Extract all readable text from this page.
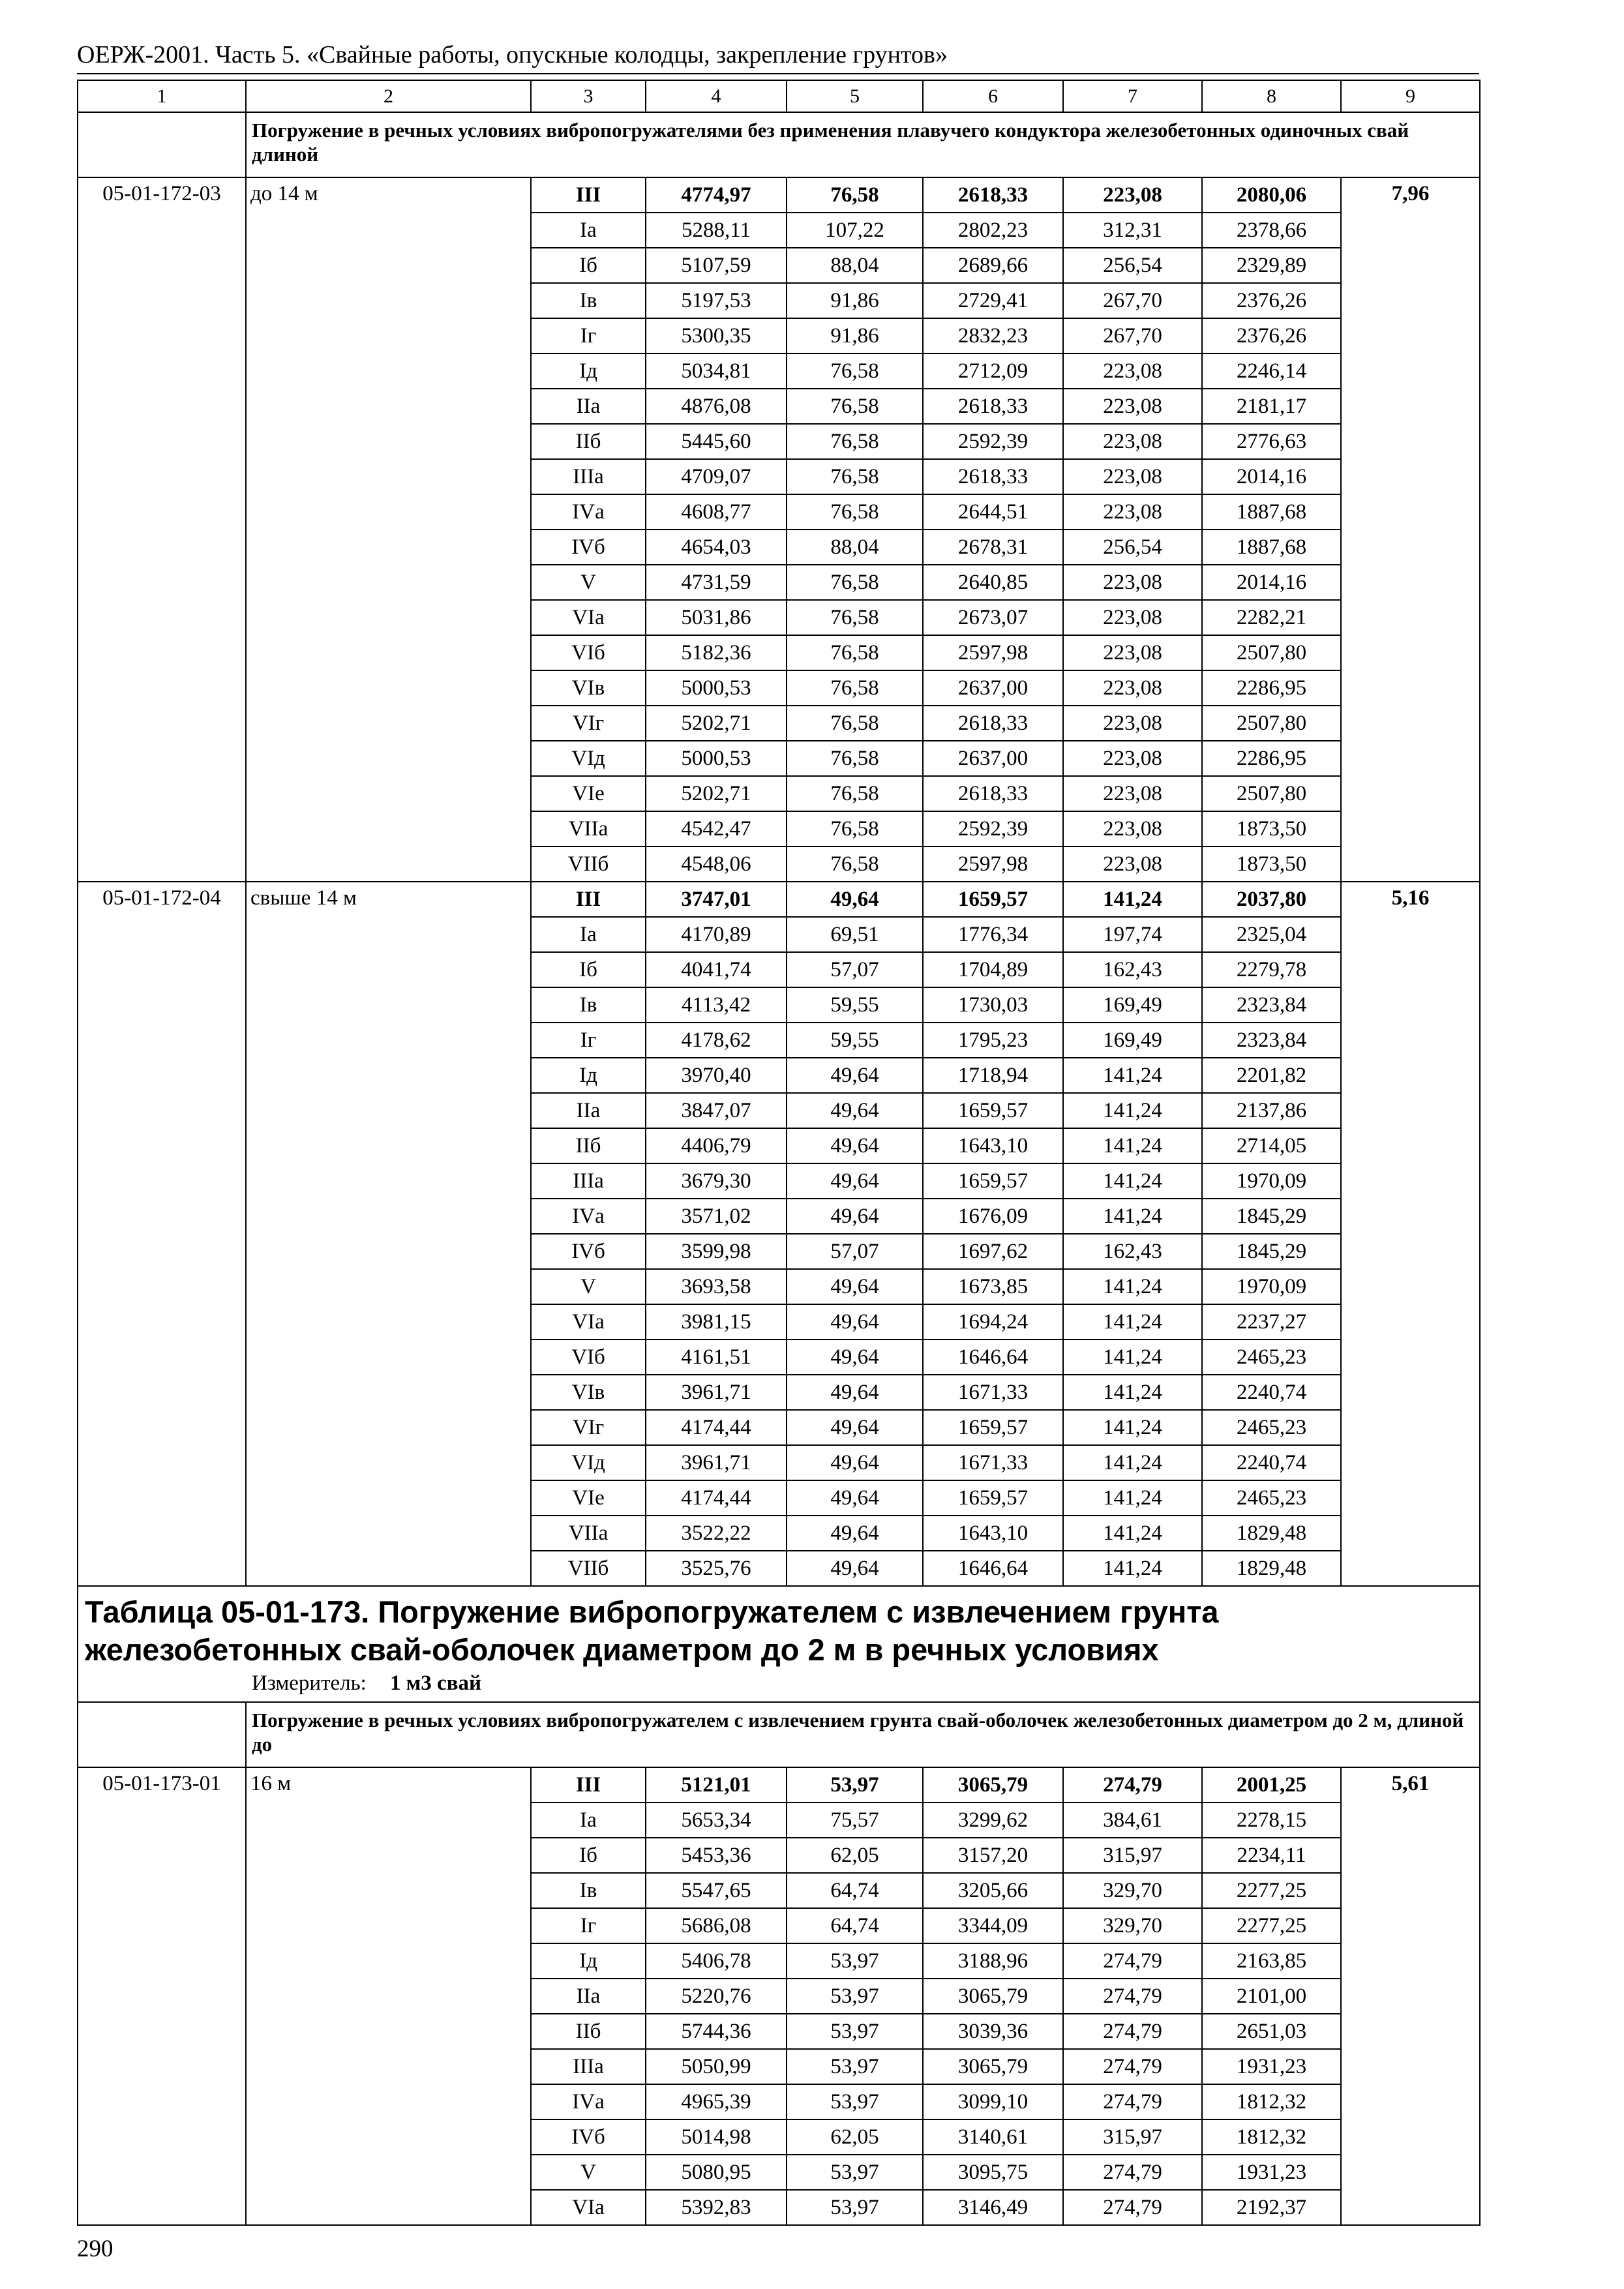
ОЕРЖ-2001. Часть 5. «Свайные работы, опускные колодцы, закрепление грунтов»
1	2	3	4	5	6	7	8	9
	Погружение в речных условиях вибропогружателями без применения плавучего кондуктора железобетонных одиночных свай длиной							
05-01-172-03	до 14 м	III	4774,97	76,58	2618,33	223,08	2080,06	7,96
		Iа	5288,11	107,22	2802,23	312,31	2378,66	
		Iб	5107,59	88,04	2689,66	256,54	2329,89	
		Iв	5197,53	91,86	2729,41	267,70	2376,26	
		Iг	5300,35	91,86	2832,23	267,70	2376,26	
		Iд	5034,81	76,58	2712,09	223,08	2246,14	
		IIа	4876,08	76,58	2618,33	223,08	2181,17	
		IIб	5445,60	76,58	2592,39	223,08	2776,63	
		IIIа	4709,07	76,58	2618,33	223,08	2014,16	
		IVа	4608,77	76,58	2644,51	223,08	1887,68	
		IVб	4654,03	88,04	2678,31	256,54	1887,68	
		V	4731,59	76,58	2640,85	223,08	2014,16	
		VIа	5031,86	76,58	2673,07	223,08	2282,21	
		VIб	5182,36	76,58	2597,98	223,08	2507,80	
		VIв	5000,53	76,58	2637,00	223,08	2286,95	
		VIг	5202,71	76,58	2618,33	223,08	2507,80	
		VIд	5000,53	76,58	2637,00	223,08	2286,95	
		VIе	5202,71	76,58	2618,33	223,08	2507,80	
		VIIа	4542,47	76,58	2592,39	223,08	1873,50	
		VIIб	4548,06	76,58	2597,98	223,08	1873,50	
05-01-172-04	свыше 14 м	III	3747,01	49,64	1659,57	141,24	2037,80	5,16
		Iа	4170,89	69,51	1776,34	197,74	2325,04	
		Iб	4041,74	57,07	1704,89	162,43	2279,78	
		Iв	4113,42	59,55	1730,03	169,49	2323,84	
		Iг	4178,62	59,55	1795,23	169,49	2323,84	
		Iд	3970,40	49,64	1718,94	141,24	2201,82	
		IIа	3847,07	49,64	1659,57	141,24	2137,86	
		IIб	4406,79	49,64	1643,10	141,24	2714,05	
		IIIа	3679,30	49,64	1659,57	141,24	1970,09	
		IVа	3571,02	49,64	1676,09	141,24	1845,29	
		IVб	3599,98	57,07	1697,62	162,43	1845,29	
		V	3693,58	49,64	1673,85	141,24	1970,09	
		VIа	3981,15	49,64	1694,24	141,24	2237,27	
		VIб	4161,51	49,64	1646,64	141,24	2465,23	
		VIв	3961,71	49,64	1671,33	141,24	2240,74	
		VIг	4174,44	49,64	1659,57	141,24	2465,23	
		VIд	3961,71	49,64	1671,33	141,24	2240,74	
		VIе	4174,44	49,64	1659,57	141,24	2465,23	
		VIIа	3522,22	49,64	1643,10	141,24	1829,48	
		VIIб	3525,76	49,64	1646,64	141,24	1829,48	

Таблица 05-01-173. Погружение вибропогружателем с извлечением грунта железобетонных свай-оболочек диаметром до 2 м в речных условиях
Измеритель: 1 м3 свай								

	Погружение в речных условиях вибропогружателем с извлечением грунта свай-оболочек железобетонных диаметром до 2 м, длиной до							
05-01-173-01	16 м	III	5121,01	53,97	3065,79	274,79	2001,25	5,61
		Iа	5653,34	75,57	3299,62	384,61	2278,15	
		Iб	5453,36	62,05	3157,20	315,97	2234,11	
		Iв	5547,65	64,74	3205,66	329,70	2277,25	
		Iг	5686,08	64,74	3344,09	329,70	2277,25	
		Iд	5406,78	53,97	3188,96	274,79	2163,85	
		IIа	5220,76	53,97	3065,79	274,79	2101,00	
		IIб	5744,36	53,97	3039,36	274,79	2651,03	
		IIIа	5050,99	53,97	3065,79	274,79	1931,23	
		IVа	4965,39	53,97	3099,10	274,79	1812,32	
		IVб	5014,98	62,05	3140,61	315,97	1812,32	
		V	5080,95	53,97	3095,75	274,79	1931,23	
		VIа	5392,83	53,97	3146,49	274,79	2192,37	
290
